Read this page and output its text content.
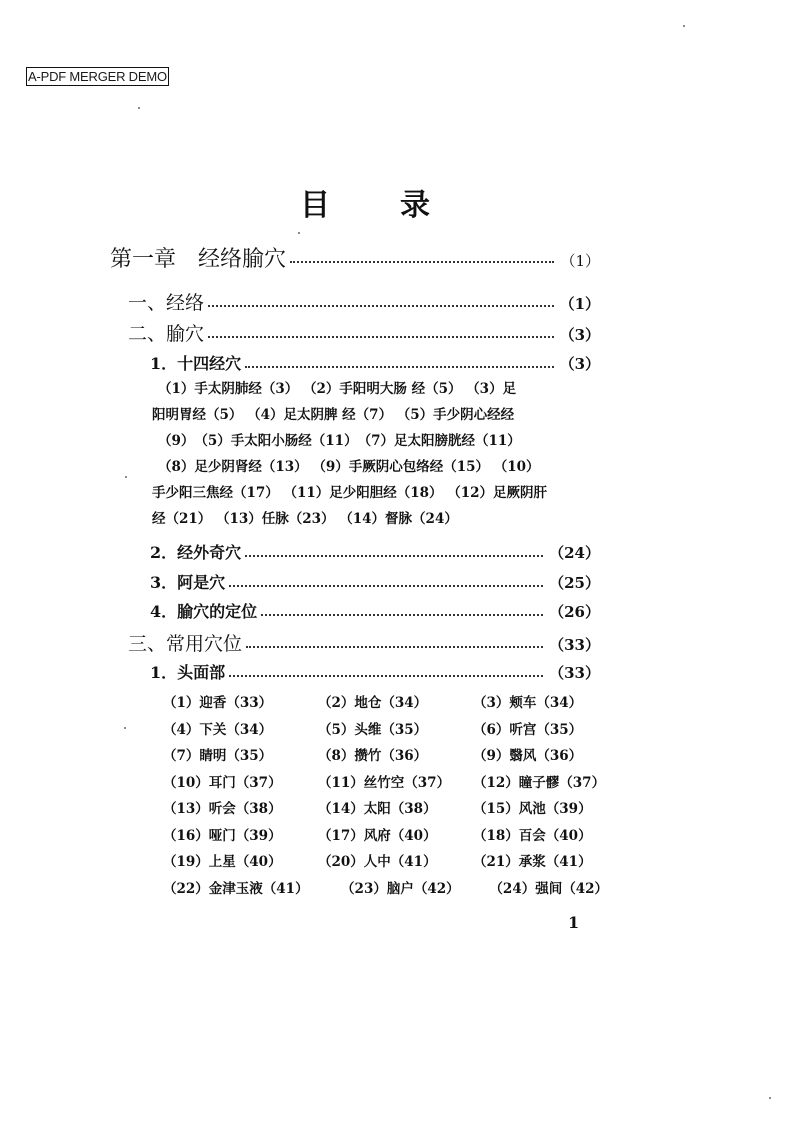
A-PDF MERGER DEMO
目 录
第一章　经络腧穴	（1）
一、经络	（1）
二、腧穴	（3）
1．十四经穴	（3）
（1）手太阴肺经（3） （2）手阳明大肠 经（5） （3）足
阳明胃经（5） （4）足太阴脾 经（7） （5）手少阴心经经
（9）　（5）手太阳小肠经（11）　（7）足太阳膀胱经（11）
（8）足少阴肾经（13） （9）手厥阴心包络经（15） （10）
手少阳三焦经（17） （11）足少阳胆经（18） （12）足厥阴肝
经（21） （13）任脉（23） （14）督脉（24）
2．经外奇穴	（24）
3．阿是穴	（25）
4．腧穴的定位	（26）
三、常用穴位	（33）
1．头面部	（33）
（1）迎香（33）	（2）地仓（34）	（3）颊车（34）
（4）下关（34）	（5）头维（35）	（6）听宫（35）
（7）睛明（35）	（8）攒竹（36）	（9）翳风（36）
（10）耳门（37）	（11）丝竹空（37）	（12）瞳子髎（37）
（13）听会（38）	（14）太阳（38）	（15）风池（39）
（16）哑门（39）	（17）风府（40）	（18）百会（40）
（19）上星（40）	（20）人中（41）	（21）承浆（41）
（22）金津玉液（41）	（23）脑户（42）	（24）强间（42）
1
